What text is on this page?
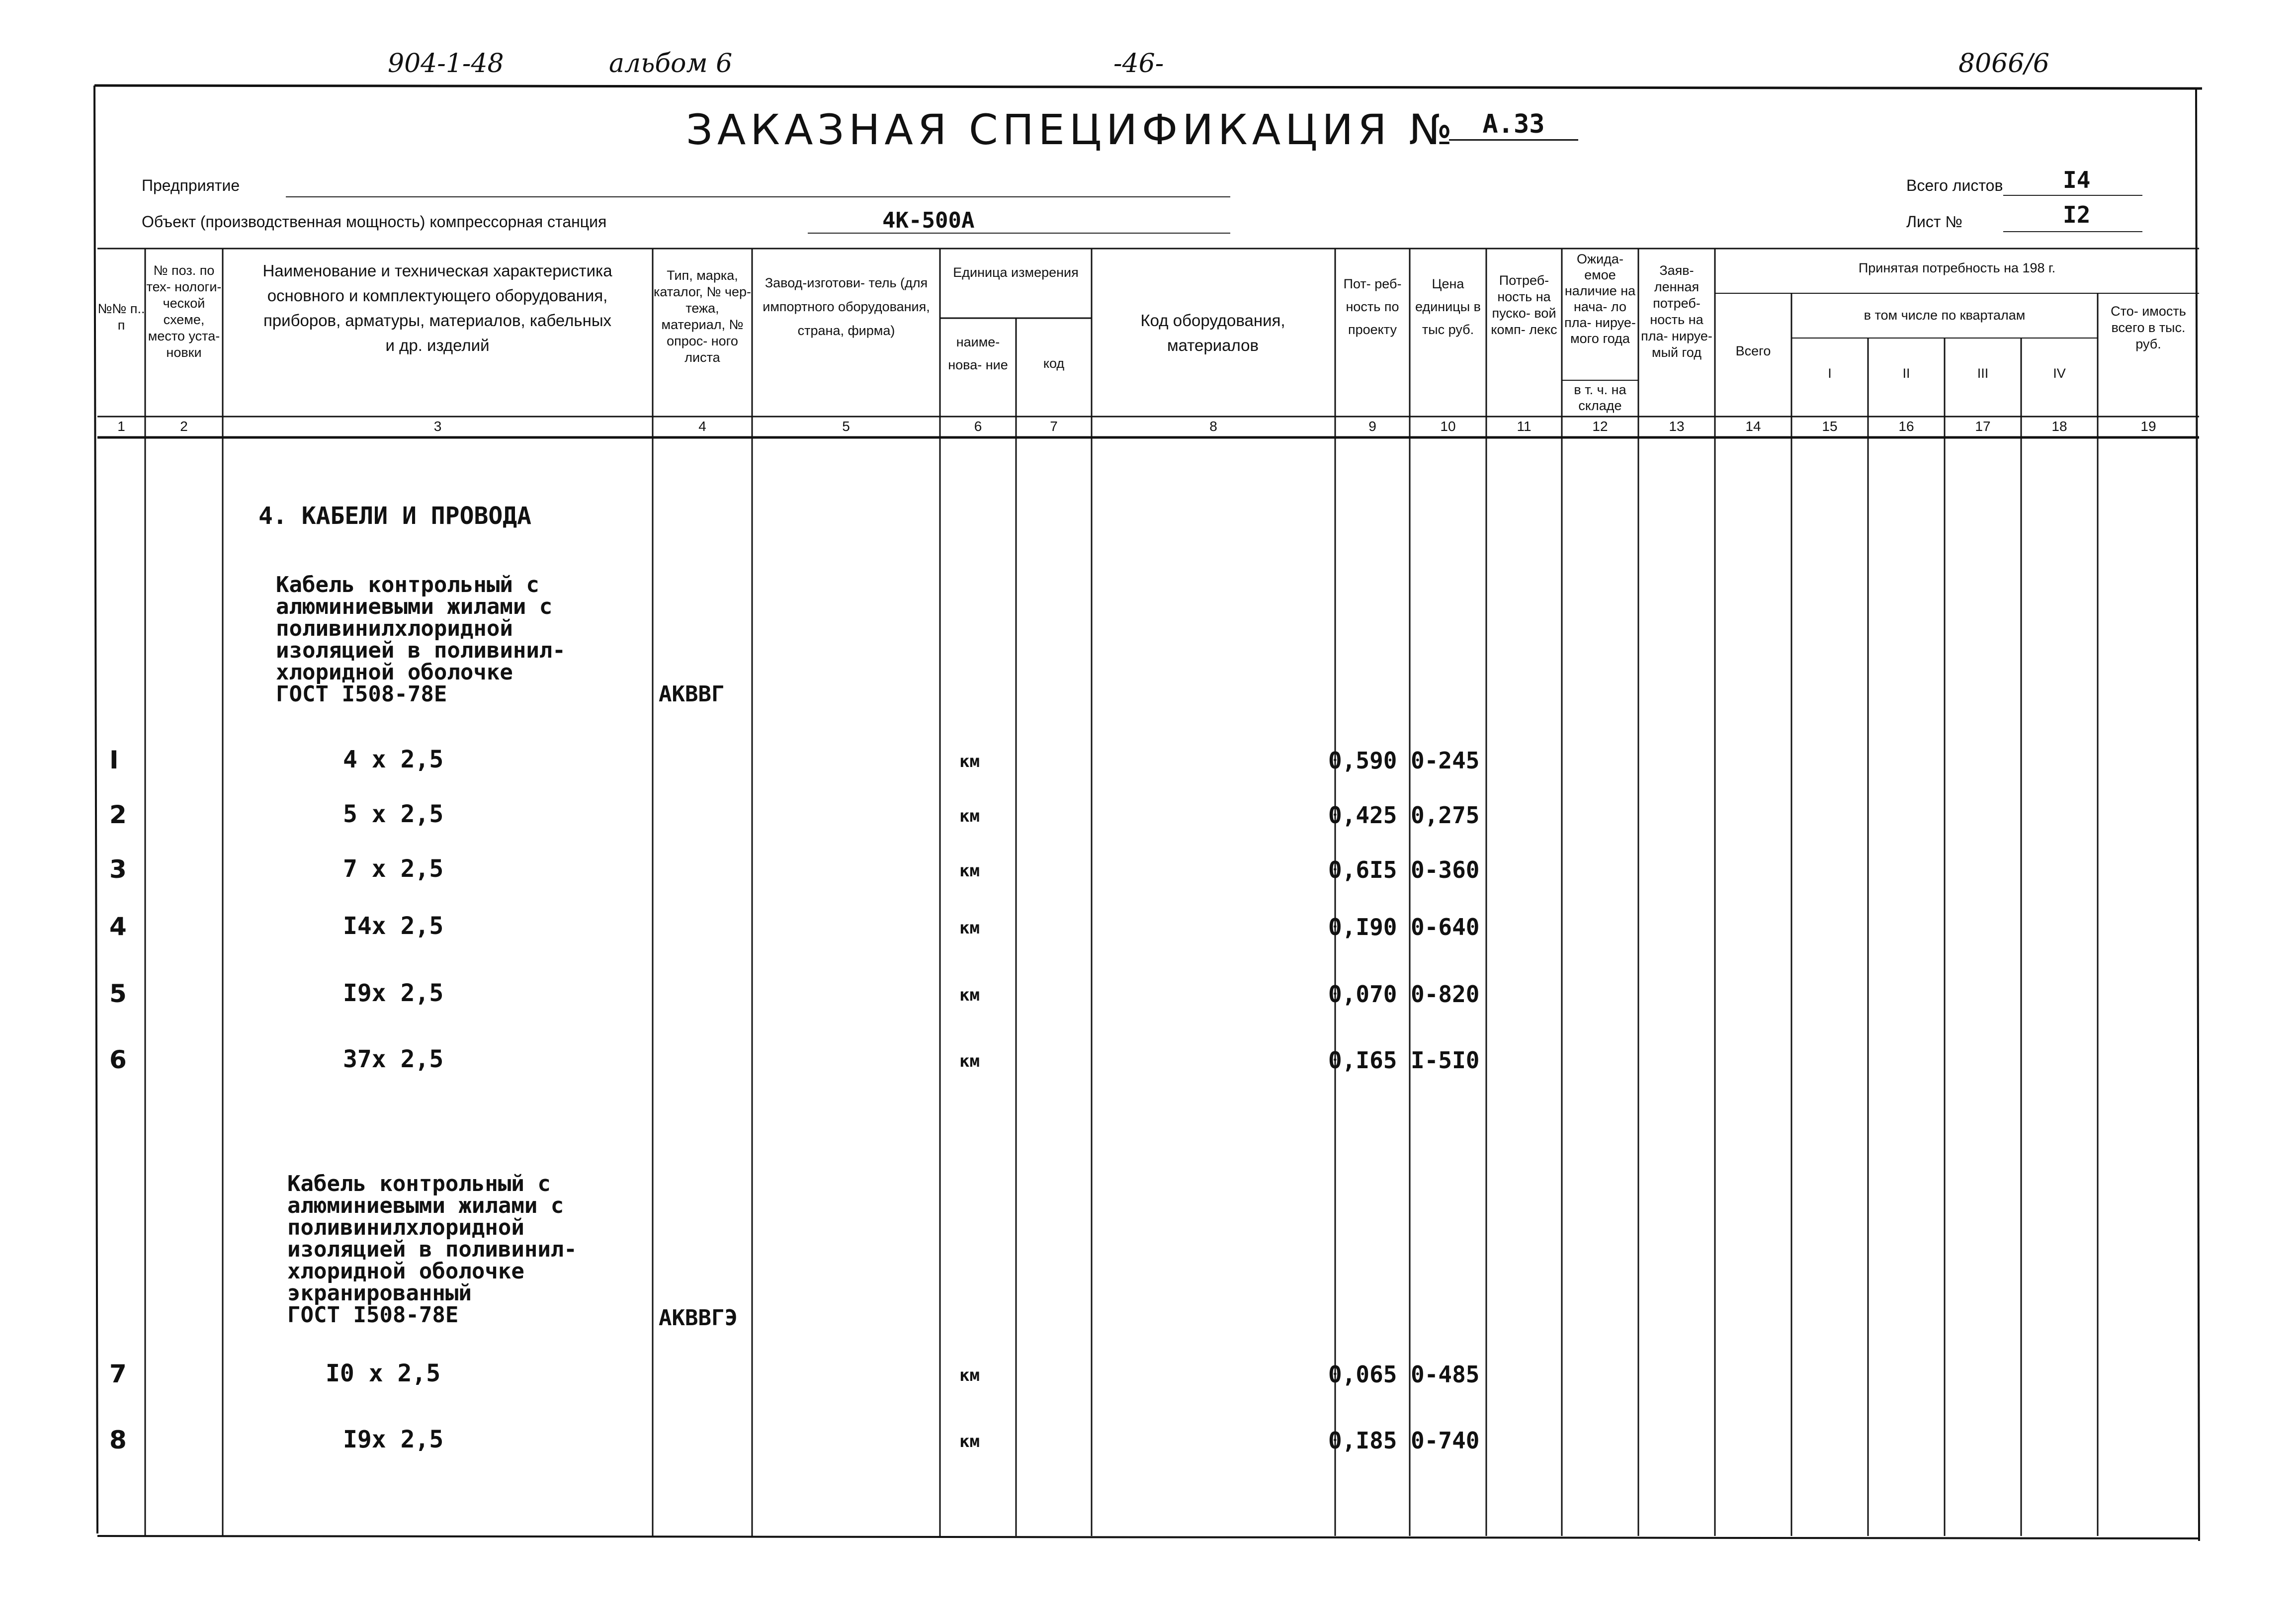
904-1-48	альбом 6	-46-	8066/6
ЗАКАЗНАЯ СПЕЦИФИКАЦИЯ № А.33
Предприятие
Объект (производственная мощность) компрессорная станция	4К-500А
Всего листов	I4
Лист №	I2
№№ п.. п
№ поз. по тех- нологи- ческой схеме, место уста- новки
Наименование и техническая характеристика основного и комплектующего оборудования, приборов, арматуры, материалов, кабельных и др. изделий
Тип, марка, каталог, № чер- тежа, материал, № опрос- ного листа
Завод-изготови- тель (для импортного оборудования, страна, фирма)
Единица измерения
наиме- нова- ние	код
Код оборудования, материалов
Пот- реб- ность по проекту
Цена единицы в тыс руб.
Потреб- ность на пуско- вой комп- лекс
Ожида- емое наличие на нача- ло пла- нируе- мого года
в т. ч. на складе
Заяв- ленная потреб- ность на пла- нируе- мый год
Принятая потребность на 198 г.
Всего
в том числе по кварталам
I	II	III	IV
Сто- имость всего в тыс. руб.
1	2	3	4	5	6	7	8	9	10	11	12	13	14	15	16	17	18	19
4. КАБЕЛИ И ПРОВОДА
Кабель контрольный с
алюминиевыми жилами с
поливинилхлоридной
изоляцией в поливинил-
хлоридной оболочке
ГОСТ I508-78Е	АКВВГ
I	4 х 2,5	км	0,590 0-245
2	5 х 2,5	км	0,425 0,275
3	7 х 2,5	км	0,6I5 0-360
4	I4х 2,5	км	0,I90 0-640
5	I9х 2,5	км	0,070 0-820
6	37х 2,5	км	0,I65 I-5I0
Кабель контрольный с
алюминиевыми жилами с
поливинилхлоридной
изоляцией в поливинил-
хлоридной оболочке
экранированный
ГОСТ I508-78Е	АКВВГЭ
7	I0 х 2,5	км	0,065 0-485
8	I9х 2,5	км	0,I85 0-740
